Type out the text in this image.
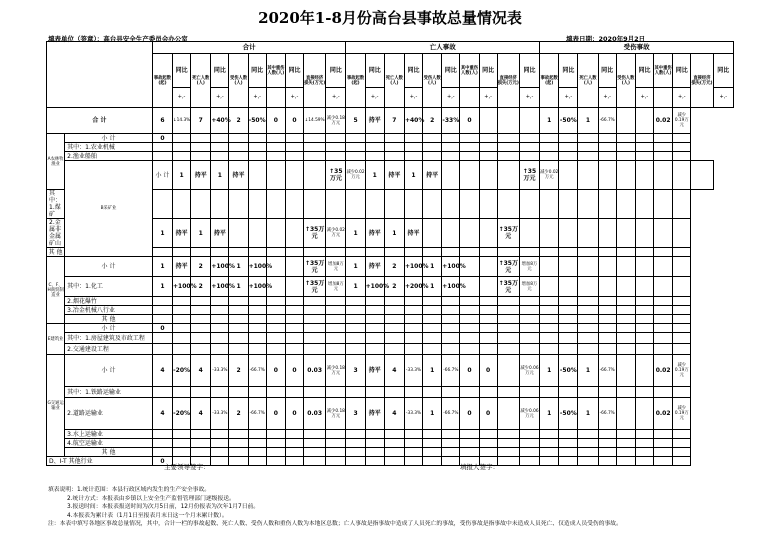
2020年1-8月份高台县事故总量情况表
填表单位（签章）：高台县安全生产委员会办公室	填表日期：2020年9月2日
		合计										亡人事故										受伤事故									
		事故起数(起)	同比	死亡人数(人)	同比	受伤人数(人)	同比	其中重伤人数(人)	同比	直接经济损失(万元)	同比	事故起数(起)	同比	死亡人数(人)	同比	受伤人数(人)	同比	其中重伤人数(人)	同比	直接经济损失(万元)	同比	事故起数(起)	同比	死亡人数(人)	同比	受伤人数(人)	同比	其中重伤人数(人)	同比	直接经济损失(万元)	同比
			+,-		+,-		+,-		+,-		+,-		+,-		+,-		+,-		+,-		+,-		+,-		+,-		+,-		+,-		+,-
合 计		6	↓14.3%	7	+40%	2	-50%	0	0	↓14.59%	减少0.18万元	5	持平	7	+40%	2	-33%	0				1	-50%	1	-66.7%			0.02	减少0.19万元		
A农林牧渔业	小 计	0																													
	其中：1.农业机械																														
	2.渔业船舶																														
	B采矿业	小 计	1	持平	1	持平					↑35万元	减少0.02万元	1	持平	1	持平					↑35万元	减少0.02万元									
其中：1.煤矿																															
2.金属非金属矿山		1	持平	1	持平					↑35万元	减少0.02万元	1	持平	1	持平					↑35万元											
其 他																															
C、F、H商贸制造业	小 计	1	持平	2	+100%	1	+100%			↑35万元	增加8万元	1	持平	2	+100%	1	+100%			↑35万元	增加8万元										
	其中：1.化工	1	+100%	2	+100%	1	+100%			↑35万元	增加8万元	1	+100%	2	+200%	1	+100%			↑35万元	增加8万元										
	2.烟花爆竹																														
	3.冶金机械八行业																														
	其 他																														
E建筑业	小 计	0																													
	其中：1.房屋建筑及市政工程																														
	2.交通建设工程																														
G交通运输业	小 计	4	-20%	4	-33.3%	2	-66.7%	0	0	0.03	减少0.18万元	3	持平	4	-33.3%	1	-66.7%	0	0		减少0.06万元	1	-50%	1	-66.7%			0.02	减少0.19万元		
	其中：1.铁路运输业																														
	2.道路运输业	4	-20%	4	-33.3%	2	-66.7%	0	0	0.03	减少0.18万元	3	持平	4	-33.3%	1	-66.7%	0	0		减少0.06万元	1	-50%	1	-66.7%			0.02	减少0.19万元		
	3.水上运输业																														
	4.航空运输业																														
	其 他																														
D、I-T 其他行业		0																													
主要领导签字：	填报人签字：
填表说明：1.统计范围：本县行政区域内发生的生产安全事故。
2.统计方式：本报表由乡镇以上安全生产监督管理部门逐级报送。
3.报送时间：本报表报送时间为次月5日前，12月份报表为次年1月7日前。
4.本报表为累计表（1月1日至报表月末日这一个月末累计数）。
注：本表中填写各地区事故总量情况，其中，合计一栏的事故起数、死亡人数、受伤人数和重伤人数为本地区总数；亡人事故是指事故中造成了人员死亡的事故，受伤事故是指事故中未造成人员死亡、仅造成人员受伤的事故。
